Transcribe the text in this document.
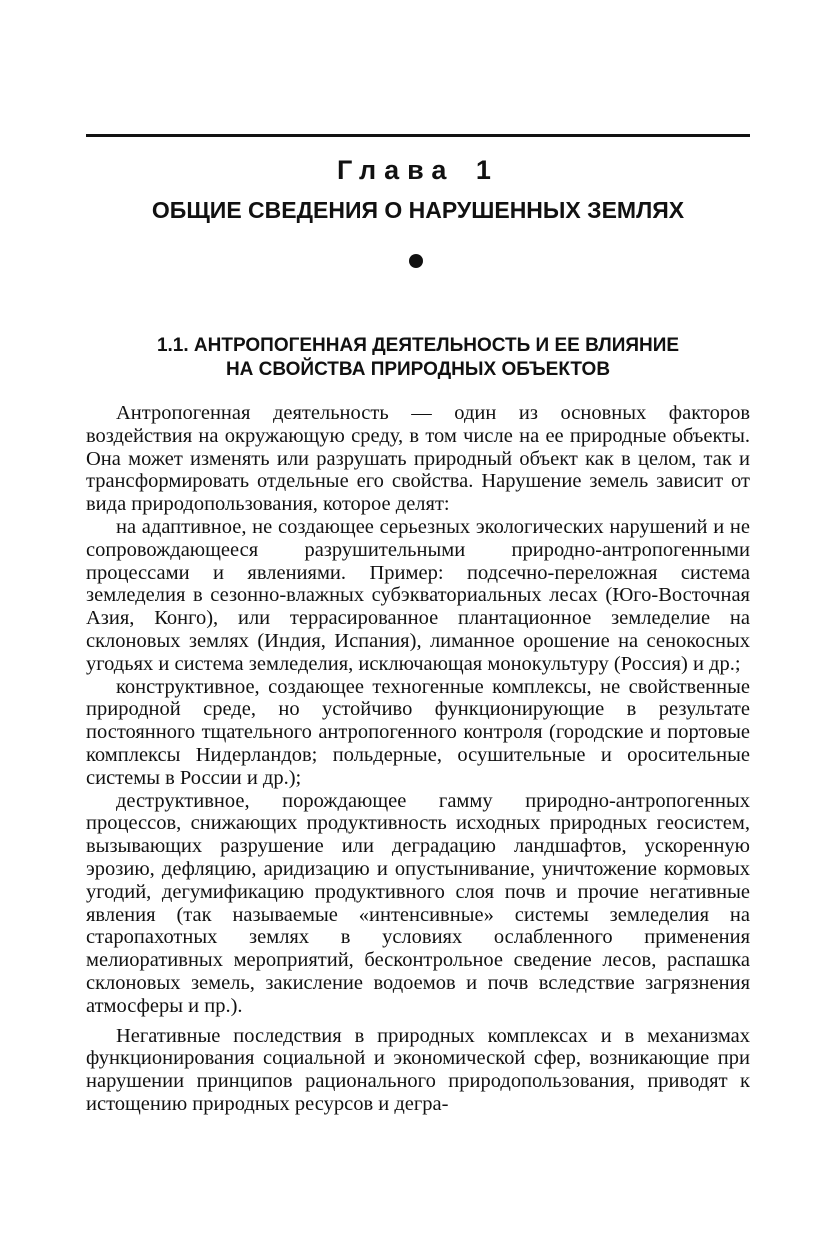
Глава 1
ОБЩИЕ СВЕДЕНИЯ О НАРУШЕННЫХ ЗЕМЛЯХ
1.1. АНТРОПОГЕННАЯ ДЕЯТЕЛЬНОСТЬ И ЕЕ ВЛИЯНИЕ
НА СВОЙСТВА ПРИРОДНЫХ ОБЪЕКТОВ

Антропогенная деятельность — один из основных факторов воздействия на окружающую среду, в том числе на ее природные объекты. Она может изменять или разрушать природный объект как в целом, так и трансформировать отдельные его свойства. Нарушение земель зависит от вида природопользования, которое делят:

на адаптивное, не создающее серьезных экологических нарушений и не сопровождающееся разрушительными природно-антропогенными процессами и явлениями. Пример: подсечно-переложная система земледелия в сезонно-влажных субэкваториальных лесах (Юго-Восточная Азия, Конго), или террасированное плантационное земледелие на склоновых землях (Индия, Испания), лиманное орошение на сенокосных угодьях и система земледелия, исключающая монокультуру (Россия) и др.;

конструктивное, создающее техногенные комплексы, не свойственные природной среде, но устойчиво функционирующие в результате постоянного тщательного антропогенного контроля (городские и портовые комплексы Нидерландов; польдерные, осушительные и оросительные системы в России и др.);

деструктивное, порождающее гамму природно-антропогенных процессов, снижающих продуктивность исходных природных геосистем, вызывающих разрушение или деградацию ландшафтов, ускоренную эрозию, дефляцию, аридизацию и опустынивание, уничтожение кормовых угодий, дегумификацию продуктивного слоя почв и прочие негативные явления (так называемые «интенсивные» системы земледелия на старопахотных землях в условиях ослабленного применения мелиоративных мероприятий, бесконтрольное сведение лесов, распашка склоновых земель, закисление водоемов и почв вследствие загрязнения атмосферы и пр.).

Негативные последствия в природных комплексах и в механизмах функционирования социальной и экономической сфер, возникающие при нарушении принципов рационального природопользования, приводят к истощению природных ресурсов и дегра-
